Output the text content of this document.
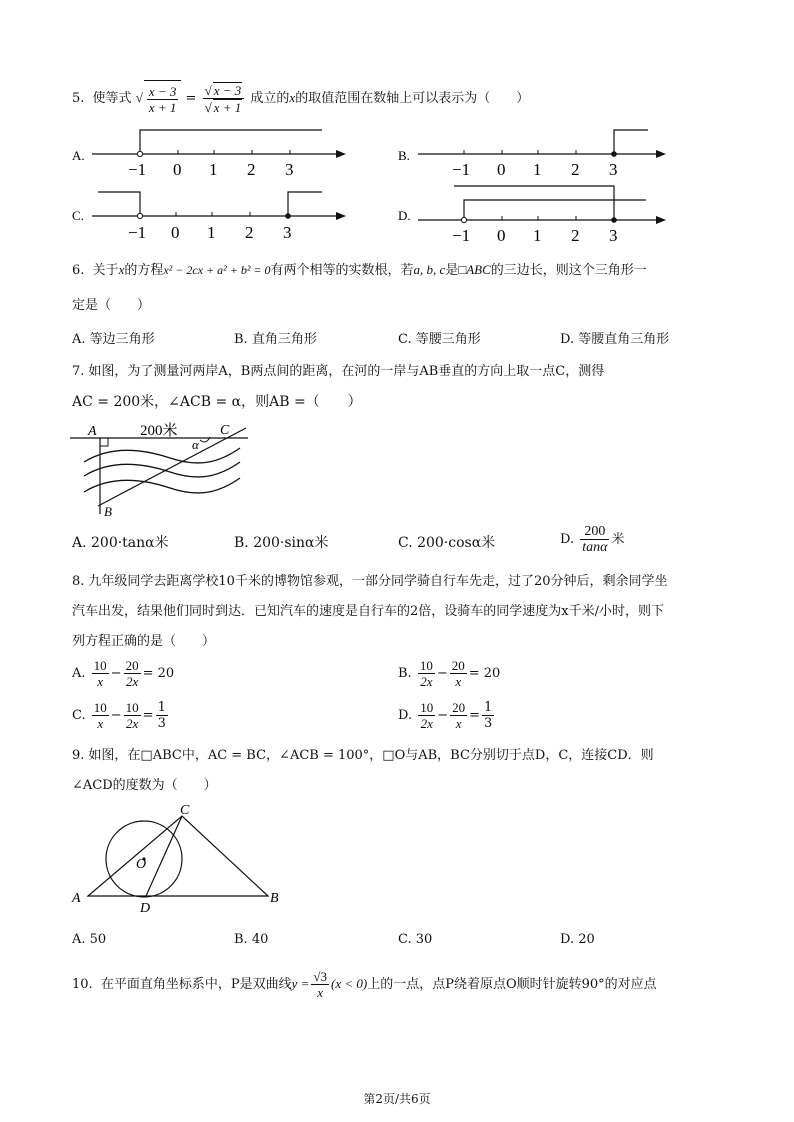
5. 使等式 √ $\frac{x - 3}{x + 1} = \frac{√ x - 3}{√ x + 1}$ 成立的x的取值范围在数轴上可以表示为（　　）
A.
−1 0 1 2 3
B.
−1 0 1 2 3
C.
−1 0 1 2 3
D.
−1 0 1 2 3
6. 关于x的方程x² − 2cx + a² + b² = 0有两个相等的实数根，若a, b, c是□ABC的三边长，则这个三角形一
定是（　　）
A. 等边三角形	B. 直角三角形	C. 等腰三角形	D. 等腰直角三角形
7. 如图，为了测量河两岸A，B两点间的距离，在河的一岸与AB垂直的方向上取一点C，测得
AC = 200米，∠ACB = α，则AB =（　　）
A	200米
α
C
B
A. 200·tanα米	B. 200·sinα米	C. 200·cosα米	D. $\frac{200}{\tan\alpha}$ 米
8. 九年级同学去距离学校10千米的博物馆参观，一部分同学骑自行车先走，过了20分钟后，剩余同学坐
汽车出发，结果他们同时到达．已知汽车的速度是自行车的2倍，设骑车的同学速度为x千米/小时，则下
列方程正确的是（　　）
A. $\frac{10}{x} - \frac{20}{2x} = 20$	B. $\frac{10}{2x} - \frac{20}{x} = 20$
C. $\frac{10}{x} - \frac{10}{2x} = \frac{1}{3}$	D. $\frac{10}{2x} - \frac{20}{x} = \frac{1}{3}$
9. 如图，在□ABC中，AC = BC，∠ACB = 100°，□O与AB，BC分别切于点D，C，连接CD．则
∠ACD的度数为（　　）
C
O
A
D
B
A. 50	B. 40	C. 30	D. 20
10. 在平面直角坐标系中，P是双曲线$y = \frac{√3}{x} (x < 0)$上的一点，点P绕着原点O顺时针旋转90°的对应点
第2页/共6页
